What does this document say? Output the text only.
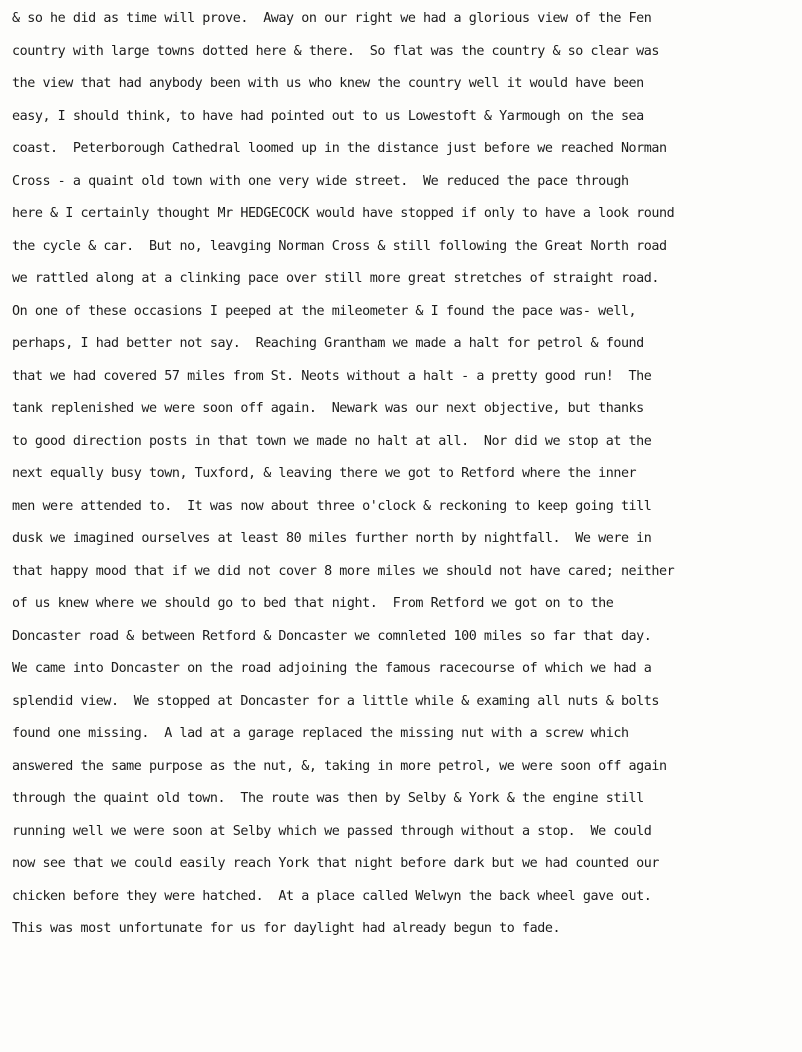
& so he did as time will prove.  Away on our right we had a glorious view of the Fen
country with large towns dotted here & there.  So flat was the country & so clear was
the view that had anybody been with us who knew the country well it would have been
easy, I should think, to have had pointed out to us Lowestoft & Yarmough on the sea
coast.  Peterborough Cathedral loomed up in the distance just before we reached Norman
Cross - a quaint old town with one very wide street.  We reduced the pace through
here & I certainly thought Mr HEDGECOCK would have stopped if only to have a look round
the cycle & car.  But no, leavging Norman Cross & still following the Great North road
we rattled along at a clinking pace over still more great stretches of straight road.
On one of these occasions I peeped at the mileometer & I found the pace was- well,
perhaps, I had better not say.  Reaching Grantham we made a halt for petrol & found
that we had covered 57 miles from St. Neots without a halt - a pretty good run!  The
tank replenished we were soon off again.  Newark was our next objective, but thanks
to good direction posts in that town we made no halt at all.  Nor did we stop at the
next equally busy town, Tuxford, & leaving there we got to Retford where the inner
men were attended to.  It was now about three o'clock & reckoning to keep going till
dusk we imagined ourselves at least 80 miles further north by nightfall.  We were in
that happy mood that if we did not cover 8 more miles we should not have cared; neither
of us knew where we should go to bed that night.  From Retford we got on to the
Doncaster road & between Retford & Doncaster we comnleted 100 miles so far that day.
We came into Doncaster on the road adjoining the famous racecourse of which we had a
splendid view.  We stopped at Doncaster for a little while & examing all nuts & bolts
found one missing.  A lad at a garage replaced the missing nut with a screw which
answered the same purpose as the nut, &, taking in more petrol, we were soon off again
through the quaint old town.  The route was then by Selby & York & the engine still
running well we were soon at Selby which we passed through without a stop.  We could
now see that we could easily reach York that night before dark but we had counted our
chicken before they were hatched.  At a place called Welwyn the back wheel gave out.
This was most unfortunate for us for daylight had already begun to fade.
